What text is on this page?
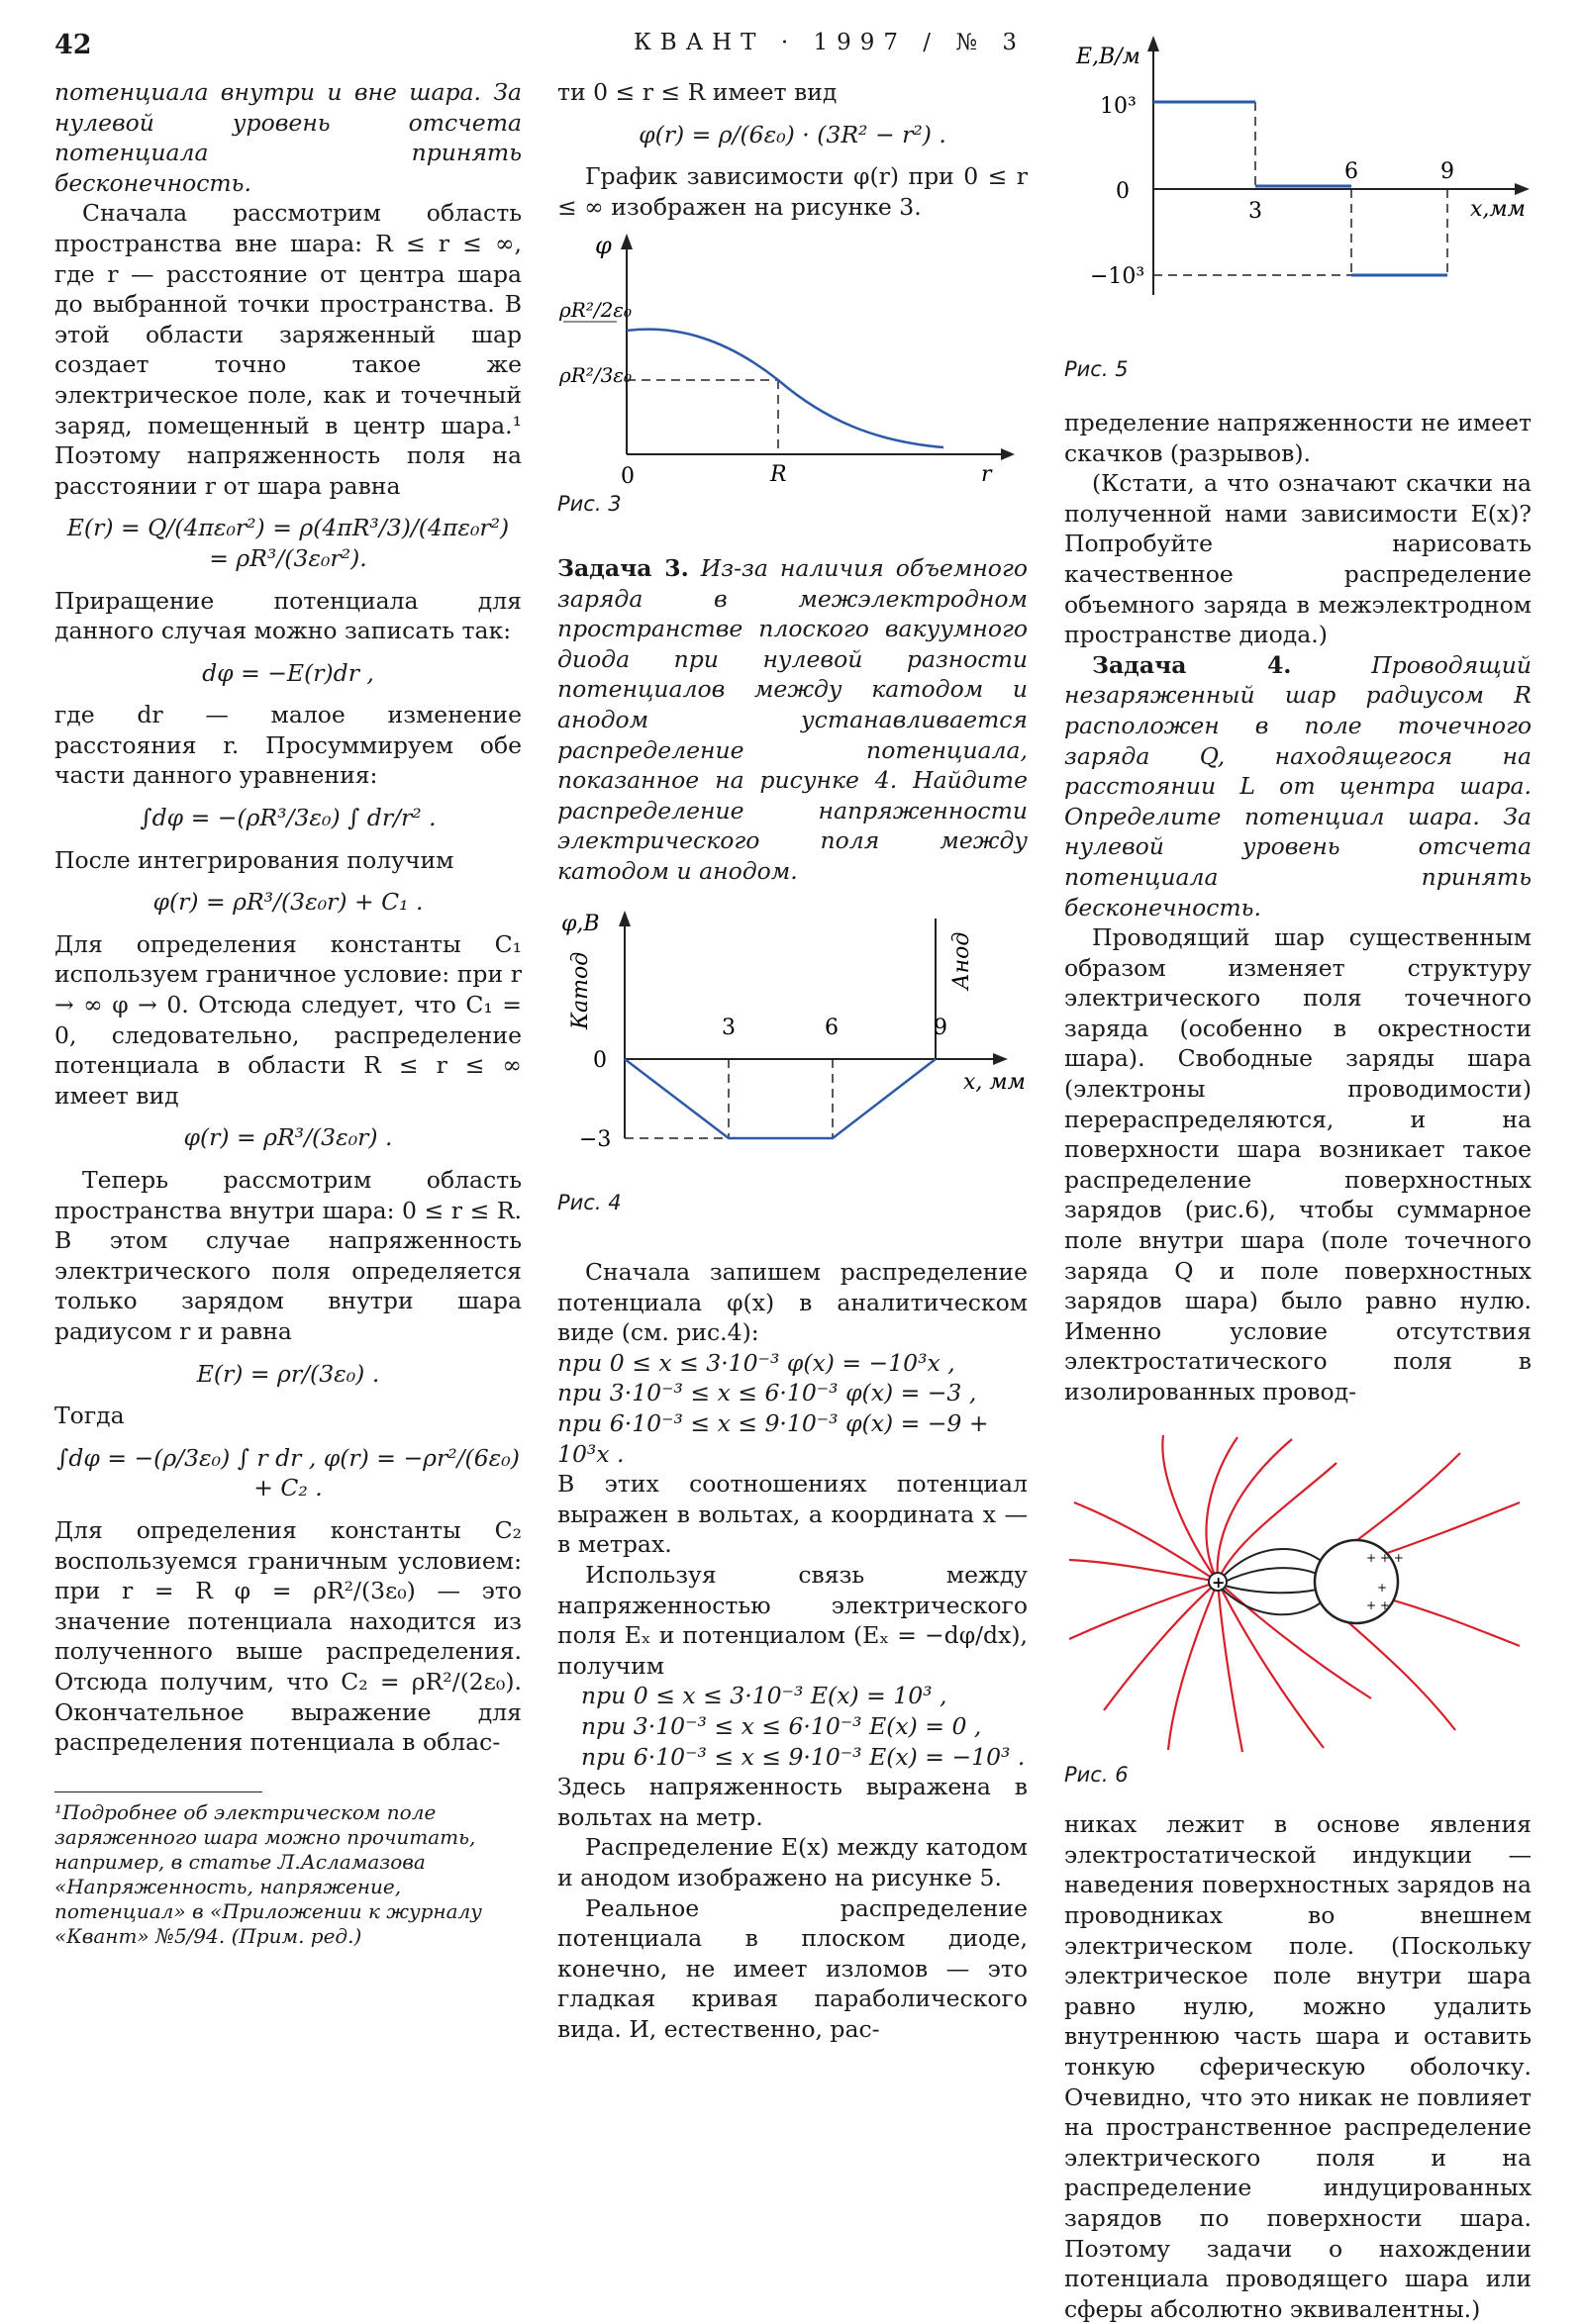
42	КВАНТ · 1997 / № 3

потенциала внутри и вне шара. За нулевой уровень отсчета потенциала принять бесконечность.

Сначала рассмотрим область пространства вне шара: R ≤ r ≤ ∞, где r — расстояние от центра шара до выбранной точки пространства. В этой области заряженный шар создает точно такое же электрическое поле, как и точечный заряд, помещенный в центр шара.¹ Поэтому напряженность поля на расстоянии r от шара равна

E(r) = Q/(4πε₀r²) = ρ(4πR³/3)/(4πε₀r²) = ρR³/(3ε₀r²).

Приращение потенциала для данного случая можно записать так:

dφ = −E(r)dr ,

где dr — малое изменение расстояния r. Просуммируем обе части данного уравнения:

∫dφ = −(ρR³/3ε₀) ∫ dr/r² .

После интегрирования получим

φ(r) = ρR³/(3ε₀r) + C₁ .

Для определения константы C₁ используем граничное условие: при r → ∞ φ → 0. Отсюда следует, что C₁ = 0, следовательно, распределение потенциала в области R ≤ r ≤ ∞ имеет вид

φ(r) = ρR³/(3ε₀r) .

Теперь рассмотрим область пространства внутри шара: 0 ≤ r ≤ R. В этом случае напряженность электрического поля определяется только зарядом внутри шара радиусом r и равна

E(r) = ρr/(3ε₀) .

Тогда

∫dφ = −(ρ/3ε₀) ∫ r dr , φ(r) = −ρr²/(6ε₀) + C₂ .

Для определения константы C₂ воспользуемся граничным условием: при r = R φ = ρR²/(3ε₀) — это значение потенциала находится из полученного выше распределения. Отсюда получим, что C₂ = ρR²/(2ε₀). Окончательное выражение для распределения потенциала в облас-

¹Подробнее об электрическом поле заряженного шара можно прочитать, например, в статье Л.Асламазова «Напряженность, напряжение, потенциал» в «Приложении к журналу «Квант» №5/94. (Прим. ред.)

ти 0 ≤ r ≤ R имеет вид

φ(r) = ρ/(6ε₀) · (3R² − r²) .

График зависимости φ(r) при 0 ≤ r ≤ ∞ изображен на рисунке 3.

φ
ρR²/2ε₀
ρR²/3ε₀
0	R	r

Рис. 3

Задача 3. Из-за наличия объемного заряда в межэлектродном пространстве плоского вакуумного диода при нулевой разности потенциалов между катодом и анодом устанавливается распределение потенциала, показанное на рисунке 4. Найдите распределение напряженности электрического поля между катодом и анодом.

φ,В
Катод	Анод
3	6	9
0
−3
x, мм

Рис. 4

Сначала запишем распределение потенциала φ(x) в аналитическом виде (см. рис.4):

при 0 ≤ x ≤ 3·10⁻³ φ(x) = −10³x ,
при 3·10⁻³ ≤ x ≤ 6·10⁻³ φ(x) = −3 ,
при 6·10⁻³ ≤ x ≤ 9·10⁻³ φ(x) = −9 + 10³x .

В этих соотношениях потенциал выражен в вольтах, а координата x — в метрах.

Используя связь между напряженностью электрического поля Eₓ и потенциалом (Eₓ = −dφ/dx), получим

при 0 ≤ x ≤ 3·10⁻³ E(x) = 10³ ,
при 3·10⁻³ ≤ x ≤ 6·10⁻³ E(x) = 0 ,
при 6·10⁻³ ≤ x ≤ 9·10⁻³ E(x) = −10³ .

Здесь напряженность выражена в вольтах на метр.

Распределение E(x) между катодом и анодом изображено на рисунке 5.

Реальное распределение потенциала в плоском диоде, конечно, не имеет изломов — это гладкая кривая параболического вида. И, естественно, рас-

E,В/м
10³
0
−10³
3
6	9
x,мм

Рис. 5

пределение напряженности не имеет скачков (разрывов).

(Кстати, а что означают скачки на полученной нами зависимости E(x)? Попробуйте нарисовать качественное распределение объемного заряда в межэлектродном пространстве диода.)

Задача 4.	Проводящий незаряженный шар радиусом R расположен в поле точечного заряда Q, находящегося на расстоянии L от центра шара. Определите потенциал шара. За нулевой уровень отсчета потенциала принять бесконечность.

Проводящий шар существенным образом изменяет структуру электрического поля точечного заряда (особенно в окрестности шара). Свободные заряды шара (электроны проводимости) перераспределяются, и на поверхности шара возникает такое распределение поверхностных зарядов (рис.6), чтобы суммарное поле внутри шара (поле точечного заряда Q и поле поверхностных зарядов шара) было равно нулю. Именно условие отсутствия электростатического поля в изолированных провод-

+ + +
+
+ +
+

Рис. 6

никах лежит в основе явления электростатической индукции — наведения поверхностных зарядов на проводниках во внешнем электрическом поле. (Поскольку электрическое поле внутри шара равно нулю, можно удалить внутреннюю часть шара и оставить тонкую сферическую оболочку. Очевидно, что это никак не повлияет на пространственное распределение электрического поля и на распределение индуцированных зарядов по поверхности шара. Поэтому задачи о нахождении потенциала проводящего шара или сферы абсолютно эквивалентны.)
